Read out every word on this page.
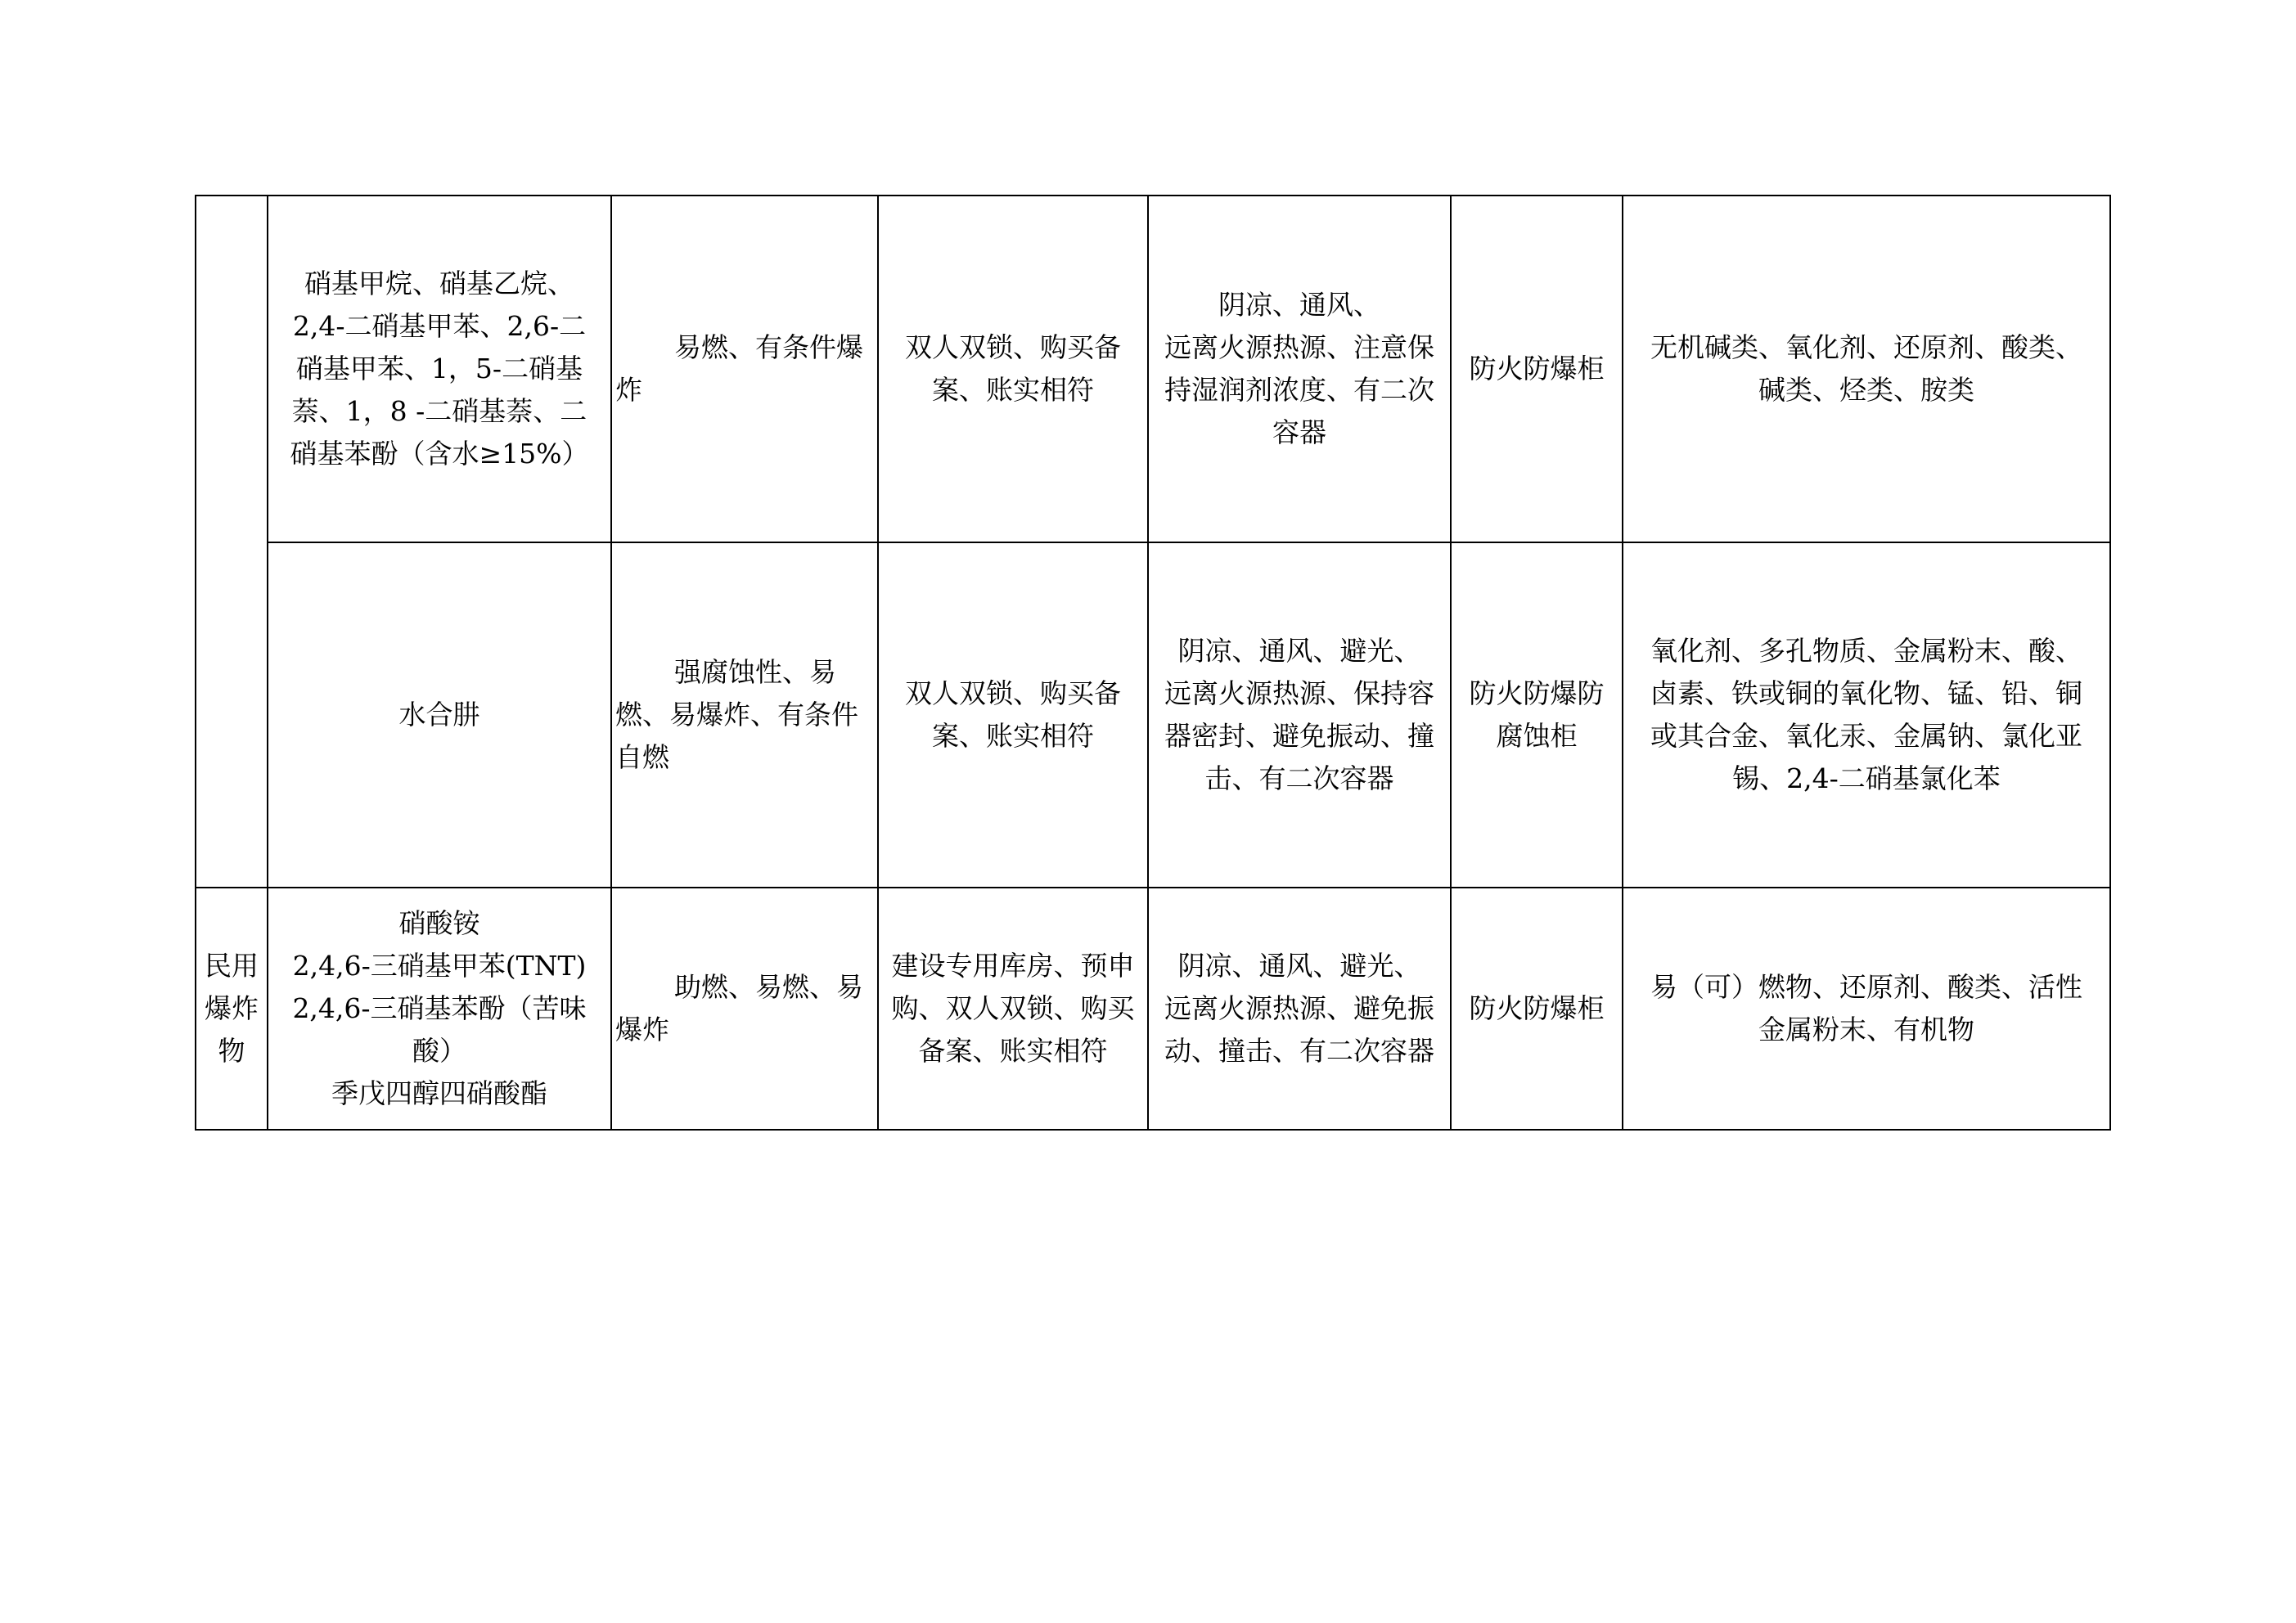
	硝基甲烷、硝基乙烷、
2,4-二硝基甲苯、2,6-二
硝基甲苯、1，5-二硝基
萘、1，8 -二硝基萘、二
硝基苯酚（含水≥15%）	易燃、有条件爆炸	双人双锁、购买备
案、账实相符	阴凉、通风、
远离火源热源、注意保
持湿润剂浓度、有二次
容器	防火防爆柜	无机碱类、氧化剂、还原剂、酸类、
碱类、烃类、胺类

	水合肼	强腐蚀性、易燃、易爆炸、有条件自燃	双人双锁、购买备
案、账实相符	阴凉、通风、避光、
远离火源热源、保持容
器密封、避免振动、撞
击、有二次容器	防火防爆防
腐蚀柜	氧化剂、多孔物质、金属粉末、酸、
卤素、铁或铜的氧化物、锰、铅、铜
或其合金、氧化汞、金属钠、氯化亚
锡、2,4-二硝基氯化苯

民用爆炸物	硝酸铵
2,4,6-三硝基甲苯(TNT)
2,4,6-三硝基苯酚（苦味
酸）
季戊四醇四硝酸酯	助燃、易燃、易爆炸	建设专用库房、预申
购、双人双锁、购买
备案、账实相符	阴凉、通风、避光、
远离火源热源、避免振
动、撞击、有二次容器	防火防爆柜	易（可）燃物、还原剂、酸类、活性
金属粉末、有机物
